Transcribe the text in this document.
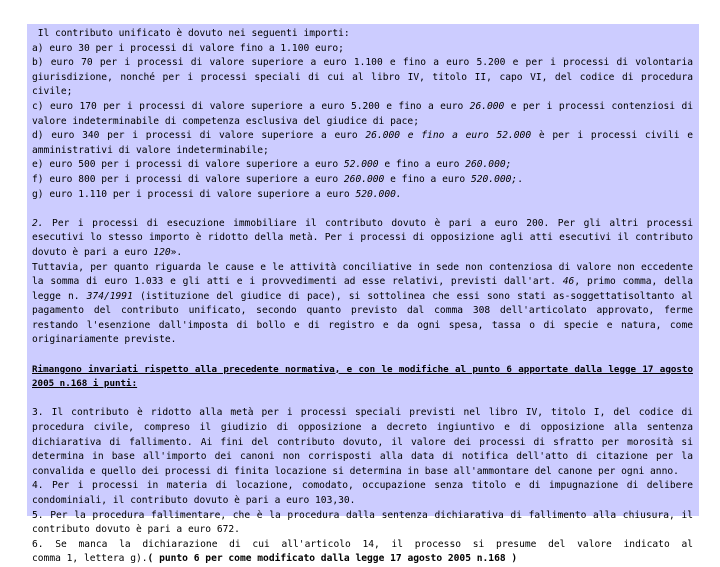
Il contributo unificato è dovuto nei seguenti importi:

a) euro 30 per i processi di valore fino a 1.100 euro;

b) euro 70 per i processi di valore superiore a euro 1.100 e fino a euro 5.200 e per i processi di volontaria giurisdizione, nonché per i processi speciali di cui al libro IV, titolo II, capo VI, del codice di procedura civile;

c) euro 170 per i processi di valore superiore a euro 5.200 e fino a euro 26.000 e per i processi contenziosi di valore indeterminabile di competenza esclusiva del giudice di pace;

d) euro 340 per i processi di valore superiore a euro 26.000 e fino a euro 52.000 è per i processi civili e amministrativi di valore indeterminabile;

e) euro 500 per i processi di valore superiore a euro 52.000 e fino a euro 260.000;

f) euro 800 per i processi di valore superiore a euro 260.000 e fino a euro 520.000;.

g) euro 1.110 per i processi di valore superiore a euro 520.000.

2. Per i processi di esecuzione immobiliare il contributo dovuto è pari a euro 200. Per gli altri processi esecutivi lo stesso importo è ridotto della metà. Per i processi di opposizione agli atti esecutivi il contributo dovuto è pari a euro 120».

Tuttavia, per quanto riguarda le cause e le attività conciliative in sede non contenziosa di valore non eccedente la somma di euro 1.033 e gli atti e i provvedimenti ad esse relativi, previsti dall'art. 46, primo comma, della legge n. 374/1991 (istituzione del giudice di pace), si sottolinea che essi sono stati as-soggettatisoltanto al pagamento del contributo unificato, secondo quanto previsto dal comma 308 dell'articolato approvato, ferme restando l'esenzione dall'imposta di bollo e di registro e da ogni spesa, tassa o di specie e natura, come originariamente previste.

Rimangono invariati rispetto alla precedente normativa, e con le modifiche al punto 6 apportate dalla legge 17 agosto 2005 n.168 i punti:

3. Il contributo è ridotto alla metà per i processi speciali previsti nel libro IV, titolo I, del codice di procedura civile, compreso il giudizio di opposizione a decreto ingiuntivo e di opposizione alla sentenza dichiarativa di fallimento. Ai fini del contributo dovuto, il valore dei processi di sfratto per morosità si determina in base all'importo dei canoni non corrisposti alla data di notifica dell'atto di citazione per la convalida e quello dei processi di finita locazione si determina in base all'ammontare del canone per ogni anno.

4. Per i processi in materia di locazione, comodato, occupazione senza titolo e di impugnazione di delibere condominiali, il contributo dovuto è pari a euro 103,30.

5. Per la procedura fallimentare, che è la procedura dalla sentenza dichiarativa di fallimento alla chiusura, il contributo dovuto è pari a euro 672.

6. Se manca la dichiarazione di cui all'articolo 14, il processo si presume del valore indicato al

comma 1, lettera g).( punto 6 per come modificato dalla legge 17 agosto 2005 n.168 )
